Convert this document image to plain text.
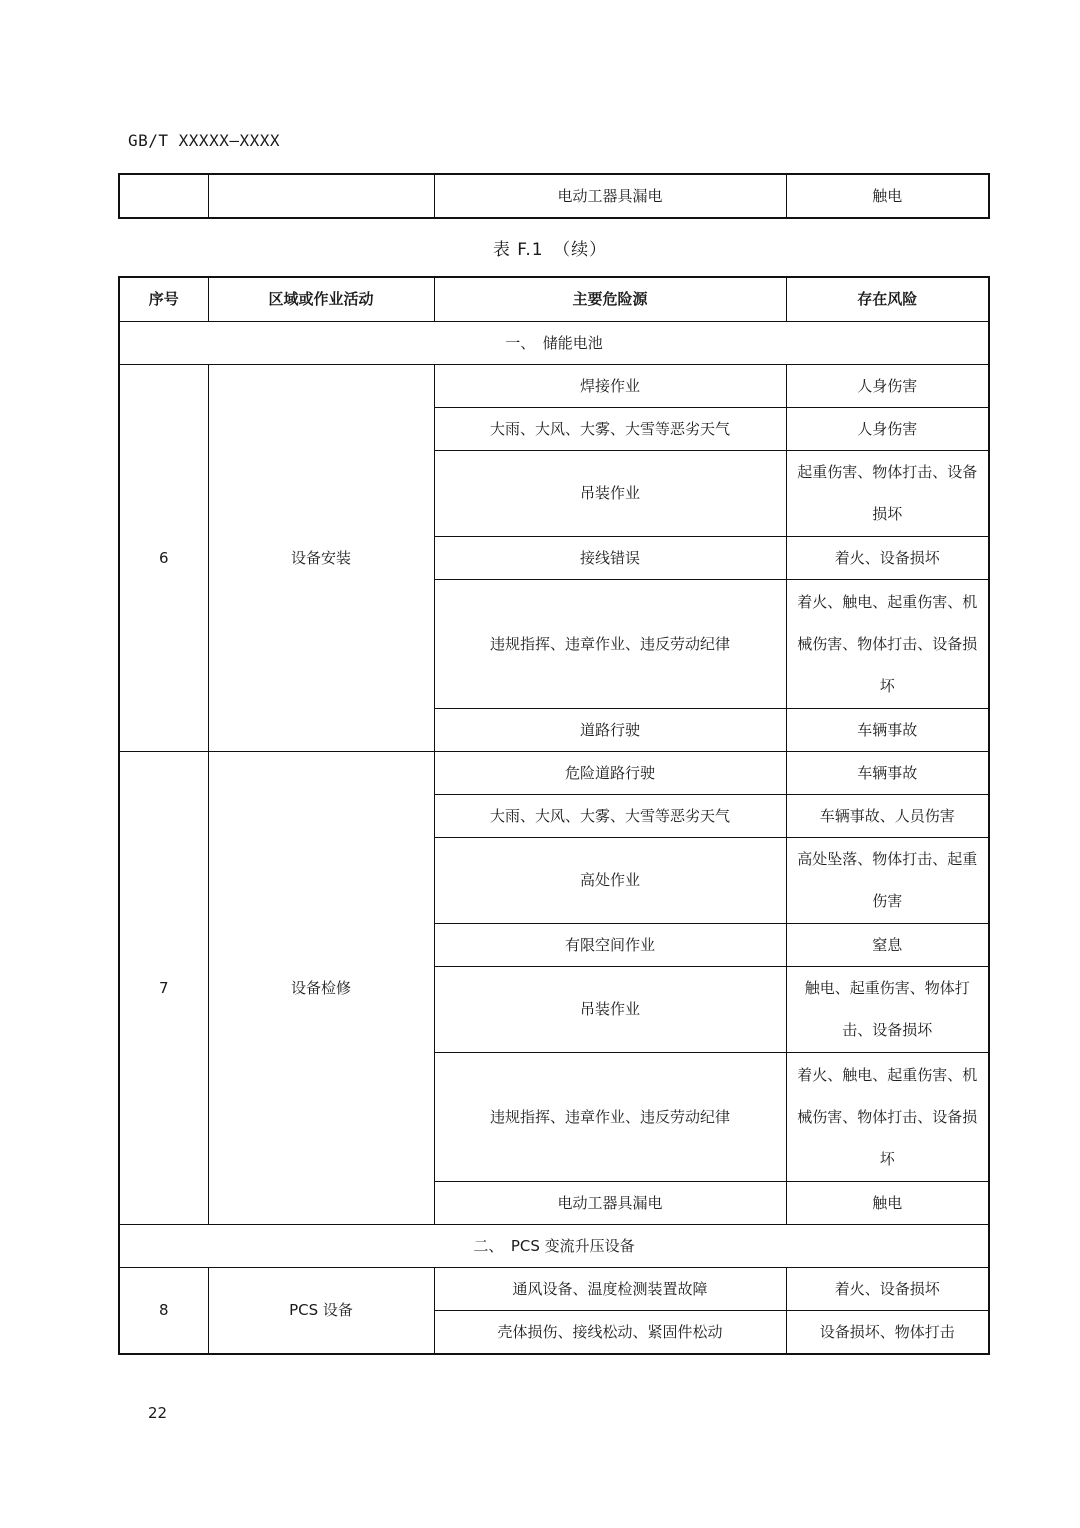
GB/T XXXXX—XXXX
		电动工器具漏电	触电
表 F.1　（续）
序号	区域或作业活动	主要危险源	存在风险
一、　储能电池			
6	设备安装	焊接作业	人身伤害
		大雨、大风、大雾、大雪等恶劣天气	人身伤害
		吊装作业	起重伤害、物体打击、设备损坏
		接线错误	着火、设备损坏
		违规指挥、违章作业、违反劳动纪律	着火、触电、起重伤害、机械伤害、物体打击、设备损坏
		道路行驶	车辆事故
7	设备检修	危险道路行驶	车辆事故
		大雨、大风、大雾、大雪等恶劣天气	车辆事故、人员伤害
		高处作业	高处坠落、物体打击、起重伤害
		有限空间作业	窒息
		吊装作业	触电、起重伤害、物体打击、设备损坏
		违规指挥、违章作业、违反劳动纪律	着火、触电、起重伤害、机械伤害、物体打击、设备损坏
		电动工器具漏电	触电
二、　PCS 变流升压设备			
8	PCS 设备	通风设备、温度检测装置故障	着火、设备损坏
		壳体损伤、接线松动、紧固件松动	设备损坏、物体打击
22
